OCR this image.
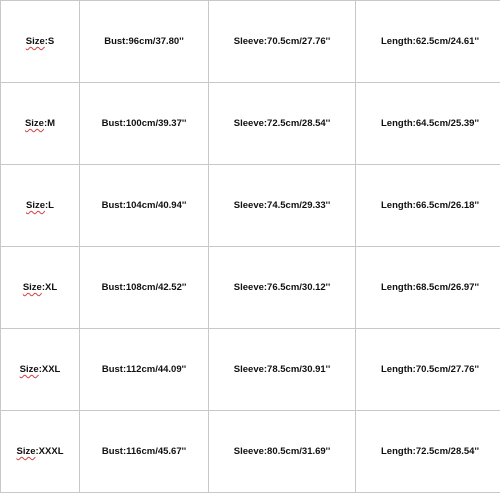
Size:S	Bust:96cm/37.80''	Sleeve:70.5cm/27.76''	Length:62.5cm/24.61''
Size:M	Bust:100cm/39.37''	Sleeve:72.5cm/28.54''	Length:64.5cm/25.39''
Size:L	Bust:104cm/40.94''	Sleeve:74.5cm/29.33''	Length:66.5cm/26.18''
Size:XL	Bust:108cm/42.52''	Sleeve:76.5cm/30.12''	Length:68.5cm/26.97''
Size:XXL	Bust:112cm/44.09''	Sleeve:78.5cm/30.91''	Length:70.5cm/27.76''
Size:XXXL	Bust:116cm/45.67''	Sleeve:80.5cm/31.69''	Length:72.5cm/28.54''
